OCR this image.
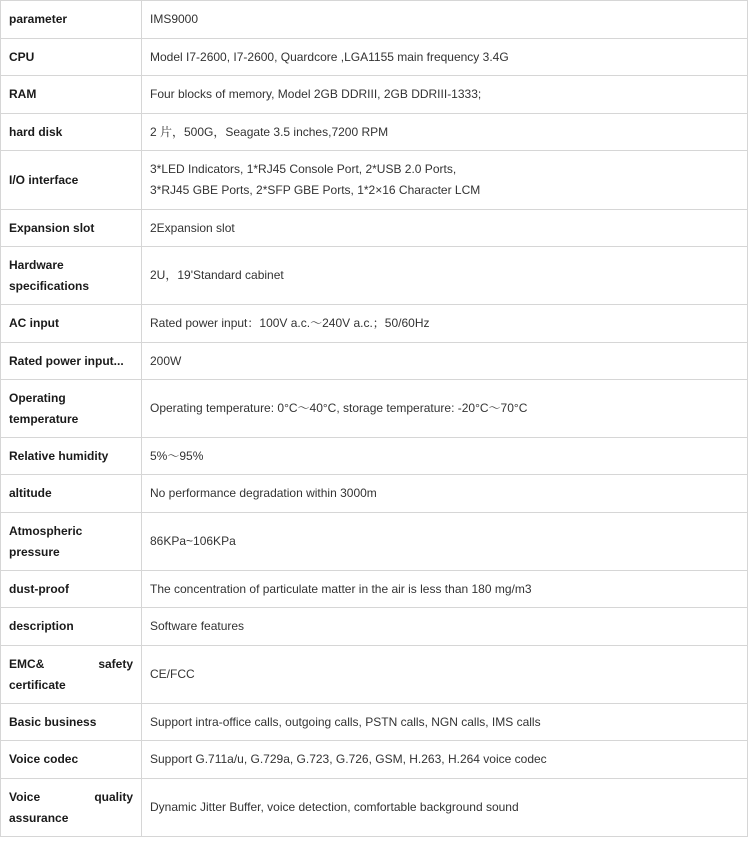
parameter	IMS9000

CPU	Model I7-2600, I7-2600, Quardcore ,LGA1155 main frequency 3.4G

RAM	Four blocks of memory, Model 2GB DDRIII, 2GB DDRIII-1333;

hard disk	2 片，500G，Seagate 3.5 inches,7200 RPM

I/O interface	3*LED Indicators, 1*RJ45 Console Port, 2*USB 2.0 Ports,
3*RJ45 GBE Ports, 2*SFP GBE Ports, 1*2×16 Character LCM

Expansion slot	2Expansion slot

Hardware
specifications	2U，19'Standard cabinet

AC input	Rated power input：100V a.c.～240V a.c.；50/60Hz

Rated power input...	200W

Operating
temperature	Operating temperature: 0°C～40°C, storage temperature: -20°C～70°C

Relative humidity	5%～95%

altitude	No performance degradation within 3000m

Atmospheric
pressure	86KPa~106KPa

dust-proof	The concentration of particulate matter in the air is less than 180 mg/m3

description	Software features

EMC& safety
certificate	CE/FCC

Basic business	Support intra-office calls, outgoing calls, PSTN calls, NGN calls, IMS calls

Voice codec	Support G.711a/u, G.729a, G.723, G.726, GSM, H.263, H.264 voice codec

Voice quality
assurance	Dynamic Jitter Buffer, voice detection, comfortable background sound
